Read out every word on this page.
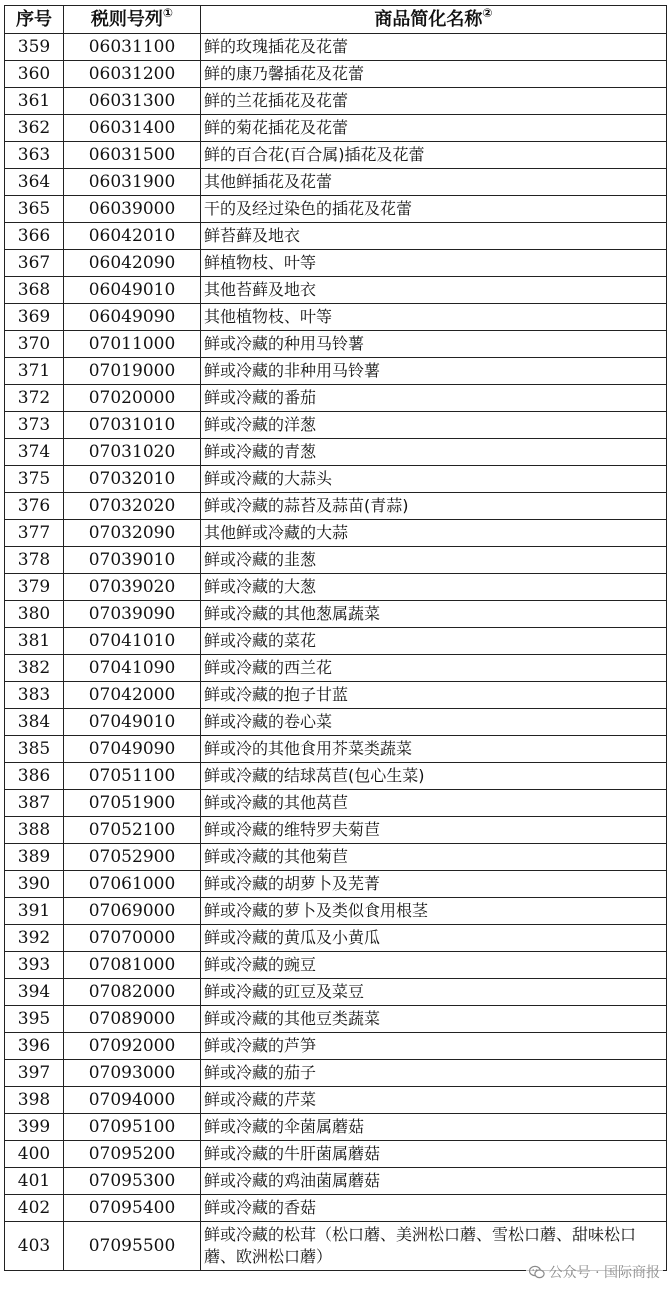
序号	税则号列①	商品简化名称②
359	06031100	鲜的玫瑰插花及花蕾
360	06031200	鲜的康乃馨插花及花蕾
361	06031300	鲜的兰花插花及花蕾
362	06031400	鲜的菊花插花及花蕾
363	06031500	鲜的百合花(百合属)插花及花蕾
364	06031900	其他鲜插花及花蕾
365	06039000	干的及经过染色的插花及花蕾
366	06042010	鲜苔藓及地衣
367	06042090	鲜植物枝、叶等
368	06049010	其他苔藓及地衣
369	06049090	其他植物枝、叶等
370	07011000	鲜或冷藏的种用马铃薯
371	07019000	鲜或冷藏的非种用马铃薯
372	07020000	鲜或冷藏的番茄
373	07031010	鲜或冷藏的洋葱
374	07031020	鲜或冷藏的青葱
375	07032010	鲜或冷藏的大蒜头
376	07032020	鲜或冷藏的蒜苔及蒜苗(青蒜)
377	07032090	其他鲜或冷藏的大蒜
378	07039010	鲜或冷藏的韭葱
379	07039020	鲜或冷藏的大葱
380	07039090	鲜或冷藏的其他葱属蔬菜
381	07041010	鲜或冷藏的菜花
382	07041090	鲜或冷藏的西兰花
383	07042000	鲜或冷藏的抱子甘蓝
384	07049010	鲜或冷藏的卷心菜
385	07049090	鲜或冷的其他食用芥菜类蔬菜
386	07051100	鲜或冷藏的结球莴苣(包心生菜)
387	07051900	鲜或冷藏的其他莴苣
388	07052100	鲜或冷藏的维特罗夫菊苣
389	07052900	鲜或冷藏的其他菊苣
390	07061000	鲜或冷藏的胡萝卜及芜菁
391	07069000	鲜或冷藏的萝卜及类似食用根茎
392	07070000	鲜或冷藏的黄瓜及小黄瓜
393	07081000	鲜或冷藏的豌豆
394	07082000	鲜或冷藏的豇豆及菜豆
395	07089000	鲜或冷藏的其他豆类蔬菜
396	07092000	鲜或冷藏的芦笋
397	07093000	鲜或冷藏的茄子
398	07094000	鲜或冷藏的芹菜
399	07095100	鲜或冷藏的伞菌属蘑菇
400	07095200	鲜或冷藏的牛肝菌属蘑菇
401	07095300	鲜或冷藏的鸡油菌属蘑菇
402	07095400	鲜或冷藏的香菇
403	07095500	鲜或冷藏的松茸（松口蘑、美洲松口蘑、雪松口蘑、甜味松口蘑、欧洲松口蘑）
公众号 · 国际商报
